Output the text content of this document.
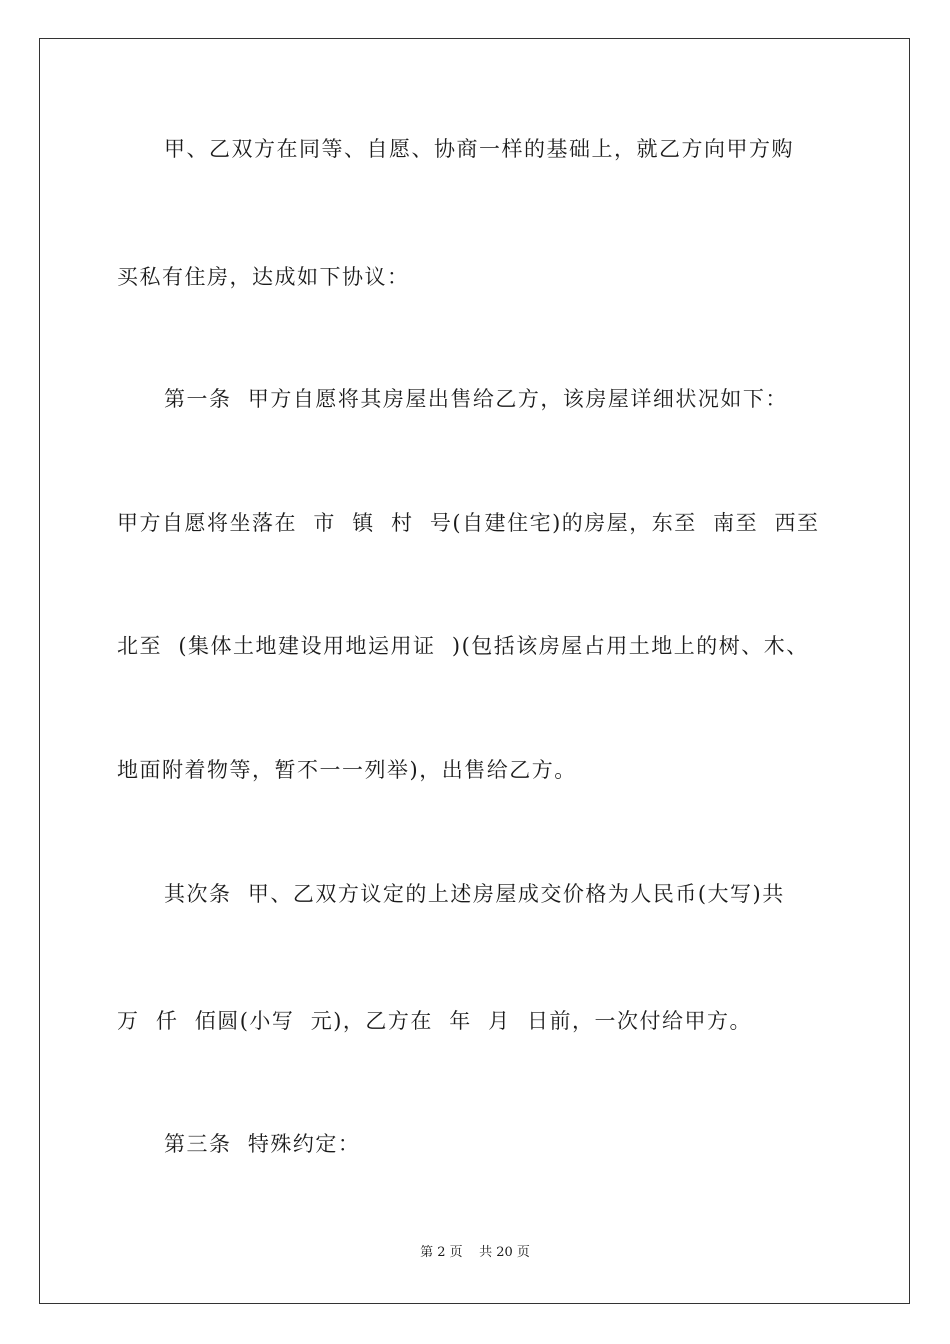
甲、乙双方在同等、自愿、协商一样的基础上，就乙方向甲方购
买私有住房，达成如下协议：
第一条  甲方自愿将其房屋出售给乙方，该房屋详细状况如下：
甲方自愿将坐落在  市  镇  村  号(自建住宅)的房屋，东至  南至  西至
北至  (集体土地建设用地运用证  )(包括该房屋占用土地上的树、木、
地面附着物等，暂不一一列举)，出售给乙方。
其次条  甲、乙双方议定的上述房屋成交价格为人民币(大写)共
万  仟  佰圆(小写  元)，乙方在  年  月  日前，一次付给甲方。
第三条  特殊约定：
第 2 页    共 20 页
